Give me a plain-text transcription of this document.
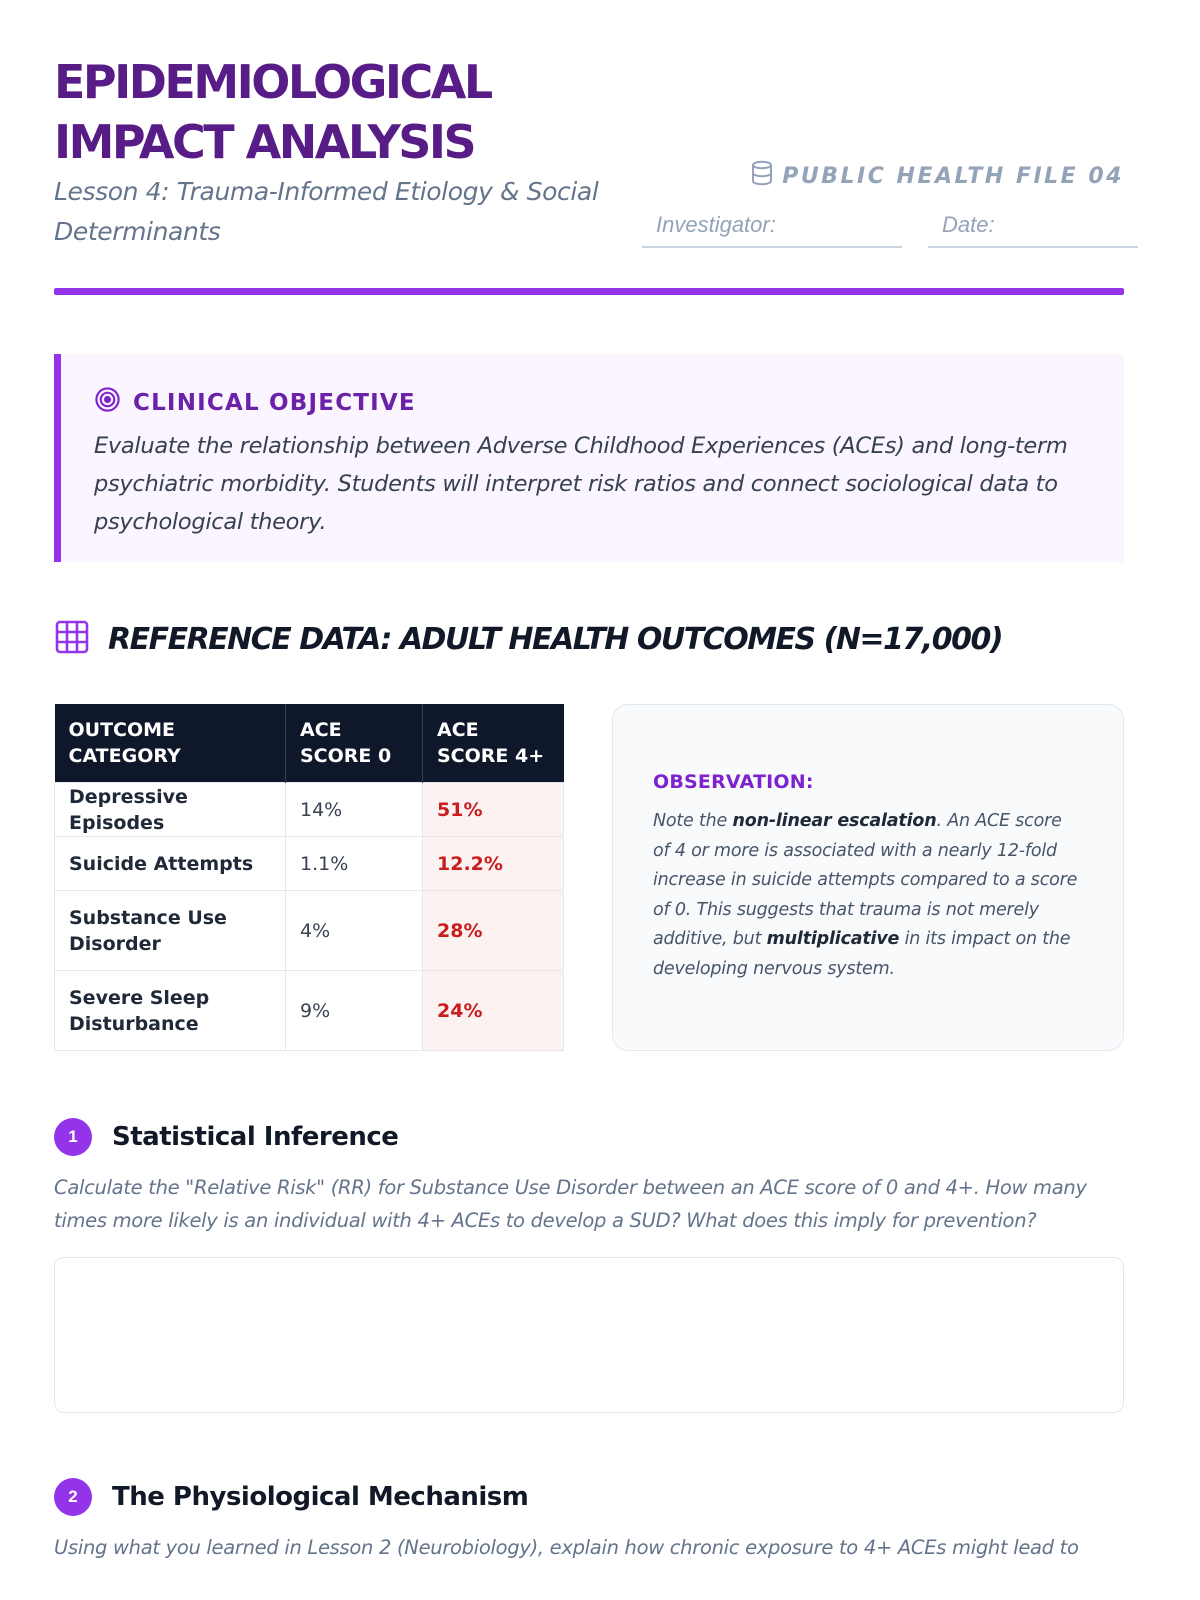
EPIDEMIOLOGICAL
IMPACT ANALYSIS
Lesson 4: Trauma-Informed Etiology & Social Determinants
PUBLIC HEALTH FILE 04
Investigator:	Date:
CLINICAL OBJECTIVE

Evaluate the relationship between Adverse Childhood Experiences (ACEs) and long-term psychiatric morbidity. Students will interpret risk ratios and connect sociological data to psychological theory.

REFERENCE DATA: ADULT HEALTH OUTCOMES (N=17,000)
OUTCOME CATEGORY	ACE SCORE 0	ACE SCORE 4+
Depressive Episodes	14%	51%
Suicide Attempts	1.1%	12.2%
Substance Use Disorder	4%	28%
Severe Sleep Disturbance	9%	24%
OBSERVATION:

Note the non-linear escalation. An ACE score of 4 or more is associated with a nearly 12-fold increase in suicide attempts compared to a score of 0. This suggests that trauma is not merely additive, but multiplicative in its impact on the developing nervous system.

1	Statistical Inference

Calculate the "Relative Risk" (RR) for Substance Use Disorder between an ACE score of 0 and 4+. How many times more likely is an individual with 4+ ACEs to develop a SUD? What does this imply for prevention?

2	The Physiological Mechanism

Using what you learned in Lesson 2 (Neurobiology), explain how chronic exposure to 4+ ACEs might lead to
